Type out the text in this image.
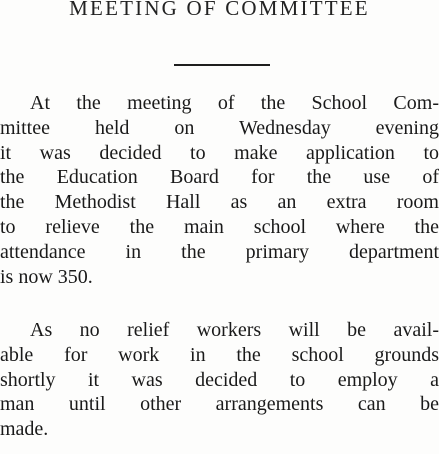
MEETING OF COMMITTEE

At the meeting of the School Com-
mittee held on Wednesday evening
it was decided to make application to
the Education Board for the use of
the Methodist Hall as an extra room
to relieve the main school where the
attendance in the primary department
is now 350.

As no relief workers will be avail-
able for work in the school grounds
shortly it was decided to employ a
man until other arrangements can be
made.
